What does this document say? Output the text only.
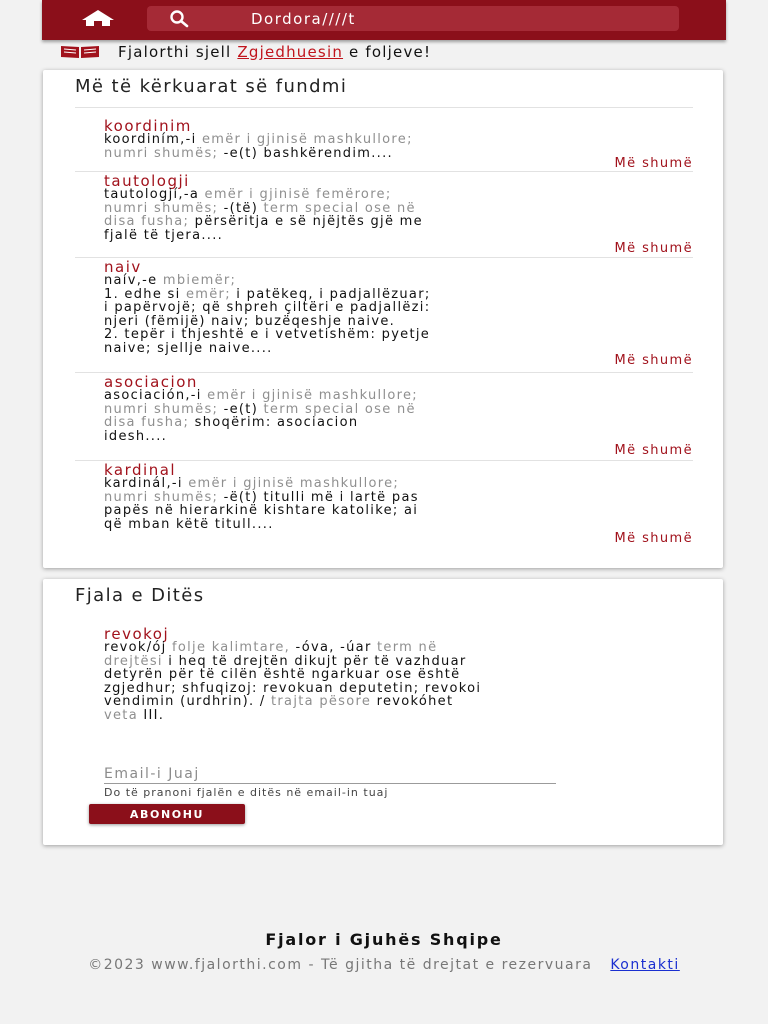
Dordora////t
Fjalorthi sjell Zgjedhuesin e foljeve!
Më të kërkuarat së fundmi
koordinim
koordiním,-i emër i gjinisë mashkullore;
numri shumës; -e(t) bashkërendim....
Më shumë
tautologji
tautologjí,-a emër i gjinisë femërore;
numri shumës; -(të) term special ose në
disa fusha; përsëritja e së njëjtës gjë me
fjalë të tjera....
Më shumë
naiv
naív,-e mbiemër;
1. edhe si emër; i patëkeq, i padjallëzuar;
i papërvojë; që shpreh çiltëri e padjallëzi:
njeri (fëmijë) naiv; buzëqeshje naive.
2. tepër i thjeshtë e i vetvetishëm: pyetje
naive; sjellje naive....
Më shumë
asociacion
asociación,-i emër i gjinisë mashkullore;
numri shumës; -e(t) term special ose në
disa fusha; shoqërim: asociacion
idesh....
Më shumë
kardinal
kardinál,-i emër i gjinisë mashkullore;
numri shumës; -ë(t) titulli më i lartë pas
papës në hierarkinë kishtare katolike; ai
që mban këtë titull....
Më shumë
Fjala e Ditës
revokoj
revok/ój folje kalimtare, -óva, -úar term në
drejtësi i heq të drejtën dikujt për të vazhduar
detyrën për të cilën është ngarkuar ose është
zgjedhur; shfuqizoj: revokuan deputetin; revokoi
vendimin (urdhrin). / trajta pësore revokóhet
veta III.
Email-i Juaj
Do të pranoni fjalën e ditës në email-in tuaj
ABONOHU
Fjalor i Gjuhës Shqipe
©2023 www.fjalorthi.com - Të gjitha të drejtat e rezervuara Kontakti
